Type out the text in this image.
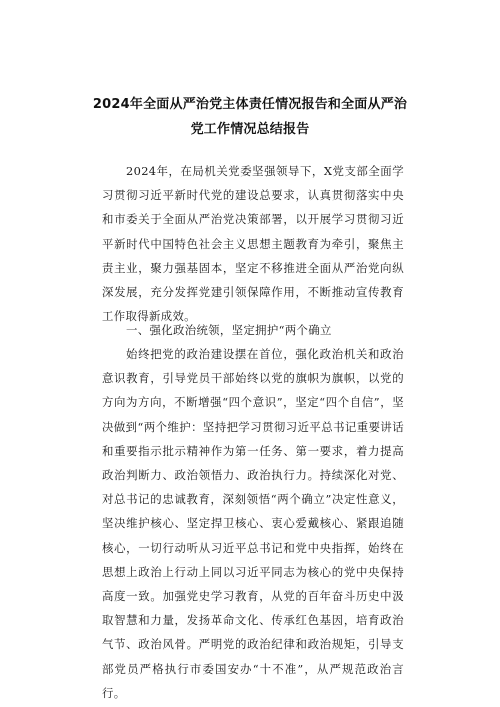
2024年全面从严治党主体责任情况报告和全面从严治
党工作情况总结报告

2024年，在局机关党委坚强领导下，X党支部全面学习贯彻习近平新时代党的建设总要求，认真贯彻落实中央和市委关于全面从严治党决策部署，以开展学习贯彻习近平新时代中国特色社会主义思想主题教育为牵引，聚焦主责主业，聚力强基固本，坚定不移推进全面从严治党向纵深发展，充分发挥党建引领保障作用，不断推动宣传教育工作取得新成效。

一、强化政治统领，坚定拥护“两个确立

始终把党的政治建设摆在首位，强化政治机关和政治意识教育，引导党员干部始终以党的旗帜为旗帜，以党的方向为方向，不断增强“四个意识”，坚定“四个自信”，坚决做到“两个维护：坚持把学习贯彻习近平总书记重要讲话和重要指示批示精神作为第一任务、第一要求，着力提高政治判断力、政治领悟力、政治执行力。持续深化对党、对总书记的忠诚教育，深刻领悟“两个确立”决定性意义，坚决维护核心、坚定捍卫核心、衷心爱戴核心、紧跟追随核心，一切行动听从习近平总书记和党中央指挥，始终在思想上政治上行动上同以习近平同志为核心的党中央保持高度一致。加强党史学习教育，从党的百年奋斗历史中汲取智慧和力量，发扬革命文化、传承红色基因，培育政治气节、政治风骨。严明党的政治纪律和政治规矩，引导支部党员严格执行市委国安办“十不准”，从严规范政治言行。
